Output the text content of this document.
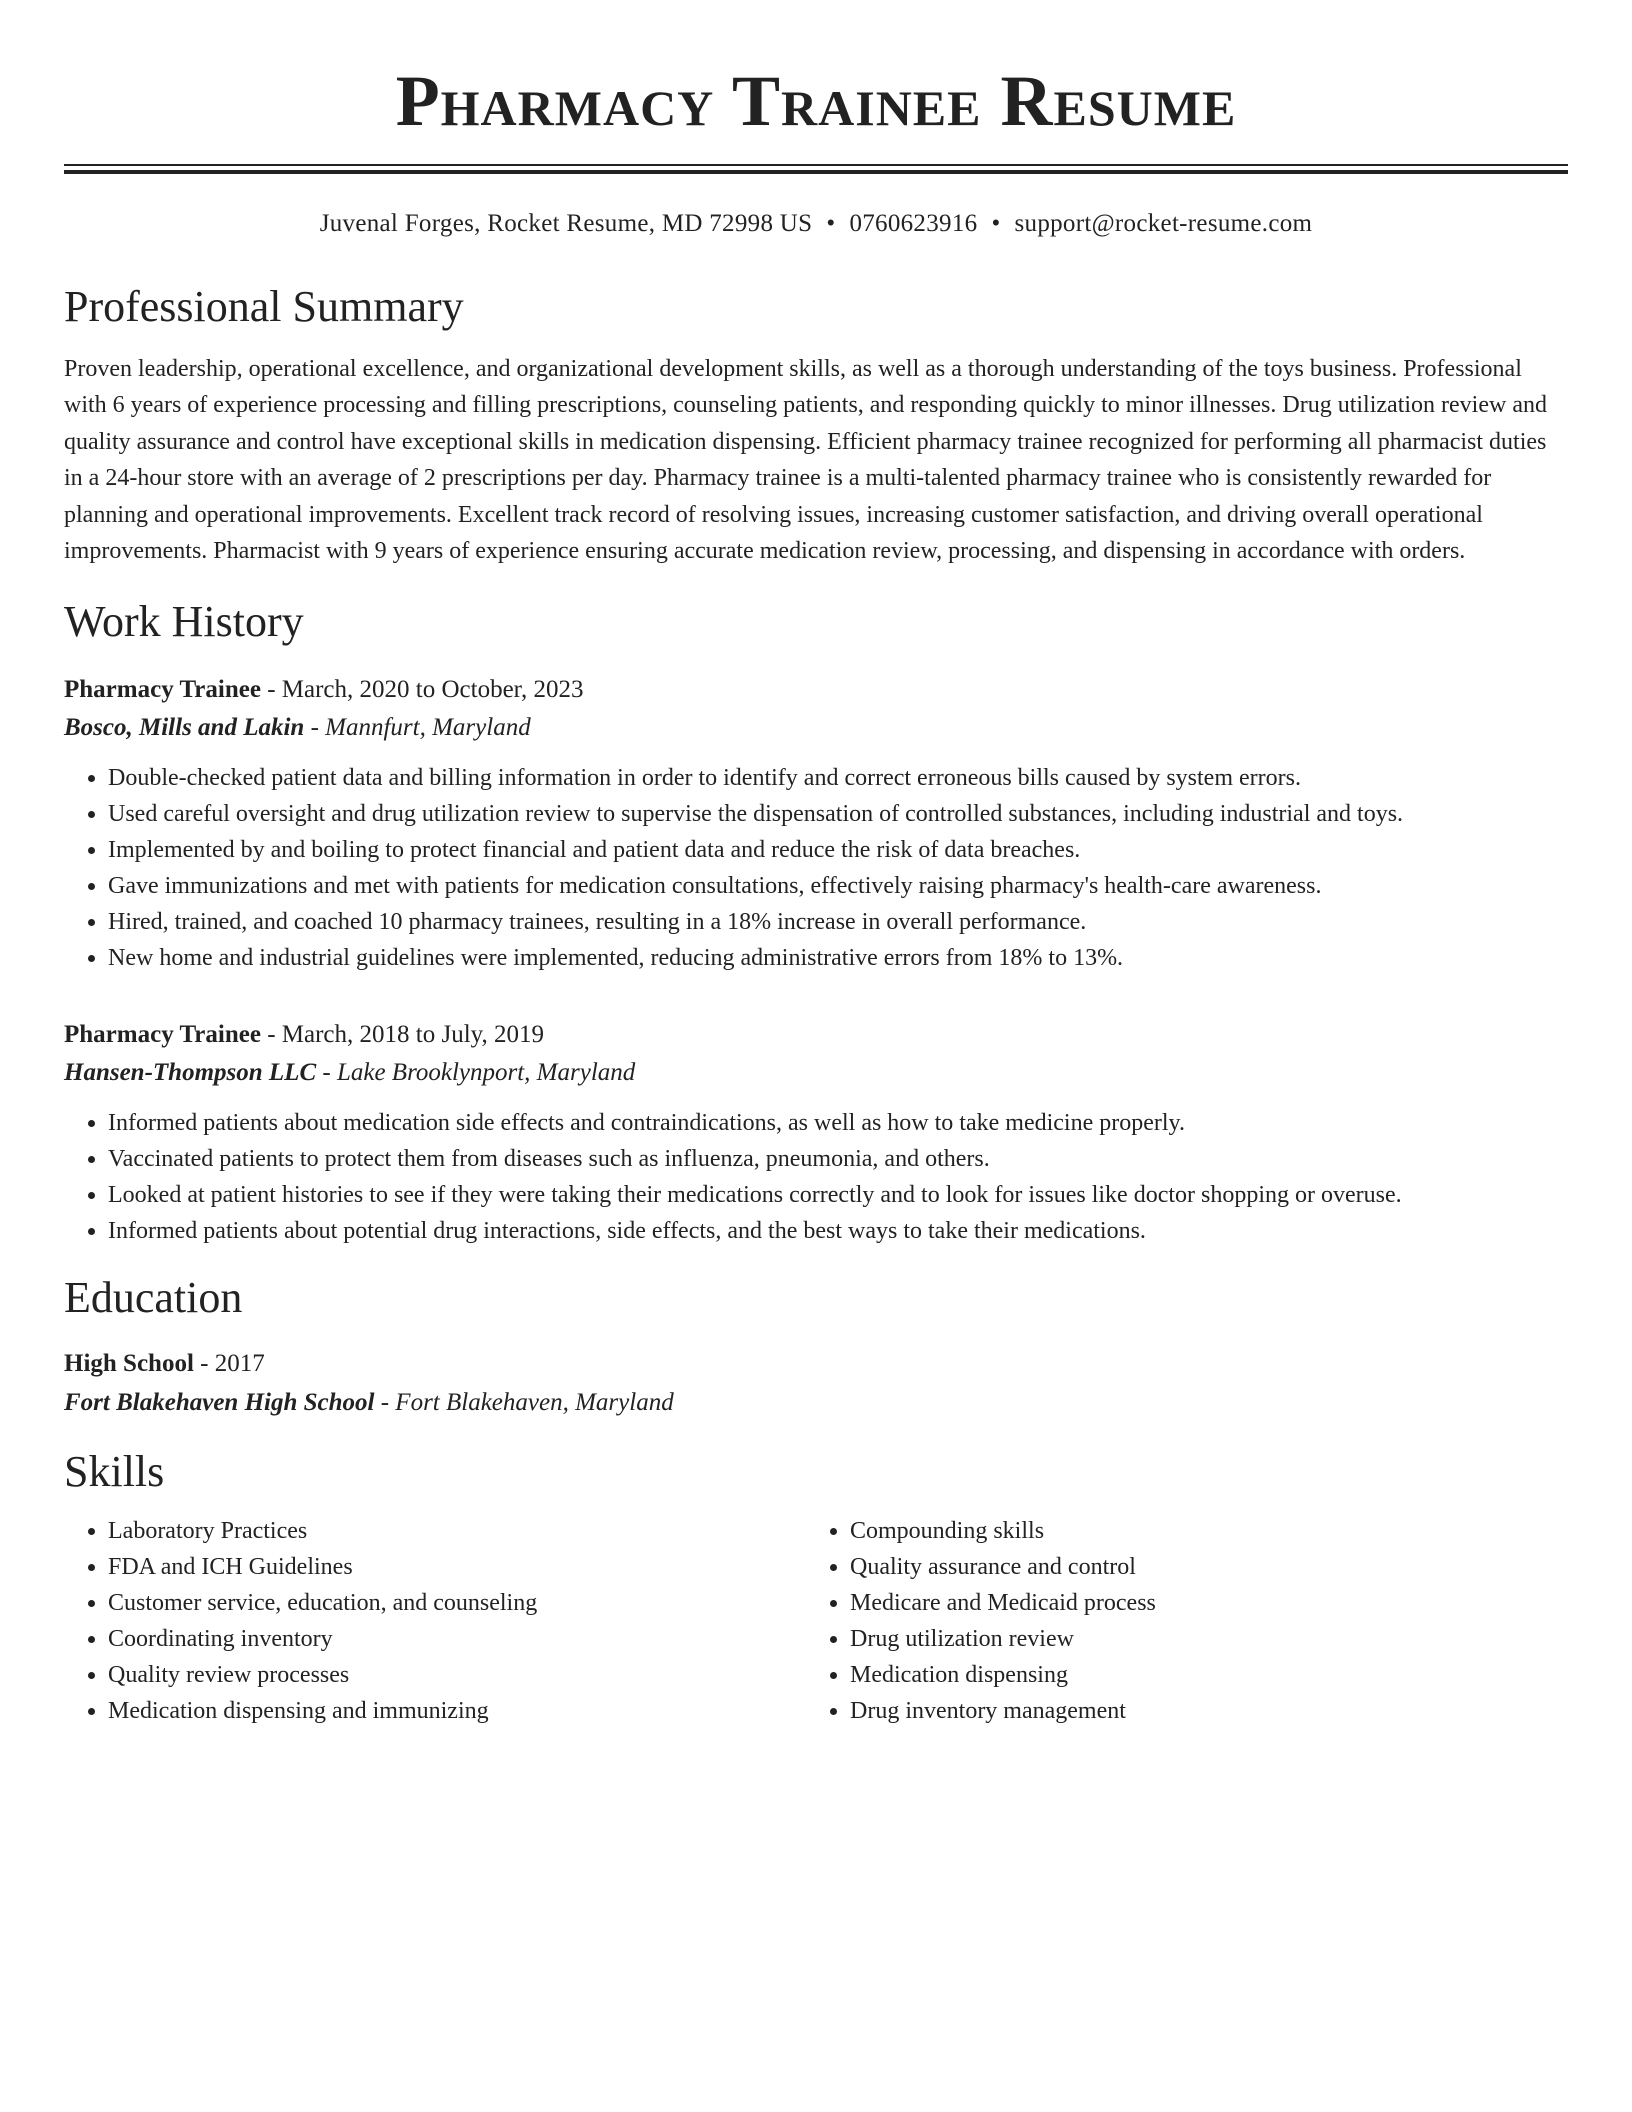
Pharmacy Trainee Resume
Juvenal Forges, Rocket Resume, MD 72998 US • 0760623916 • support@rocket-resume.com
Professional Summary

Proven leadership, operational excellence, and organizational development skills, as well as a thorough understanding of the toys business. Professional with 6 years of experience processing and filling prescriptions, counseling patients, and responding quickly to minor illnesses. Drug utilization review and quality assurance and control have exceptional skills in medication dispensing. Efficient pharmacy trainee recognized for performing all pharmacist duties in a 24-hour store with an average of 2 prescriptions per day. Pharmacy trainee is a multi-talented pharmacy trainee who is consistently rewarded for planning and operational improvements. Excellent track record of resolving issues, increasing customer satisfaction, and driving overall operational improvements. Pharmacist with 9 years of experience ensuring accurate medication review, processing, and dispensing in accordance with orders.

Work History
Pharmacy Trainee - March, 2020 to October, 2023
Bosco, Mills and Lakin - Mannfurt, Maryland
• Double-checked patient data and billing information in order to identify and correct erroneous bills caused by system errors.
• Used careful oversight and drug utilization review to supervise the dispensation of controlled substances, including industrial and toys.
• Implemented by and boiling to protect financial and patient data and reduce the risk of data breaches.
• Gave immunizations and met with patients for medication consultations, effectively raising pharmacy's health-care awareness.
• Hired, trained, and coached 10 pharmacy trainees, resulting in a 18% increase in overall performance.
• New home and industrial guidelines were implemented, reducing administrative errors from 18% to 13%.
Pharmacy Trainee - March, 2018 to July, 2019
Hansen-Thompson LLC - Lake Brooklynport, Maryland
• Informed patients about medication side effects and contraindications, as well as how to take medicine properly.
• Vaccinated patients to protect them from diseases such as influenza, pneumonia, and others.
• Looked at patient histories to see if they were taking their medications correctly and to look for issues like doctor shopping or overuse.
• Informed patients about potential drug interactions, side effects, and the best ways to take their medications.
Education
High School - 2017
Fort Blakehaven High School - Fort Blakehaven, Maryland
Skills
• Laboratory Practices
• FDA and ICH Guidelines
• Customer service, education, and counseling
• Coordinating inventory
• Quality review processes
• Medication dispensing and immunizing
• Compounding skills
• Quality assurance and control
• Medicare and Medicaid process
• Drug utilization review
• Medication dispensing
• Drug inventory management
